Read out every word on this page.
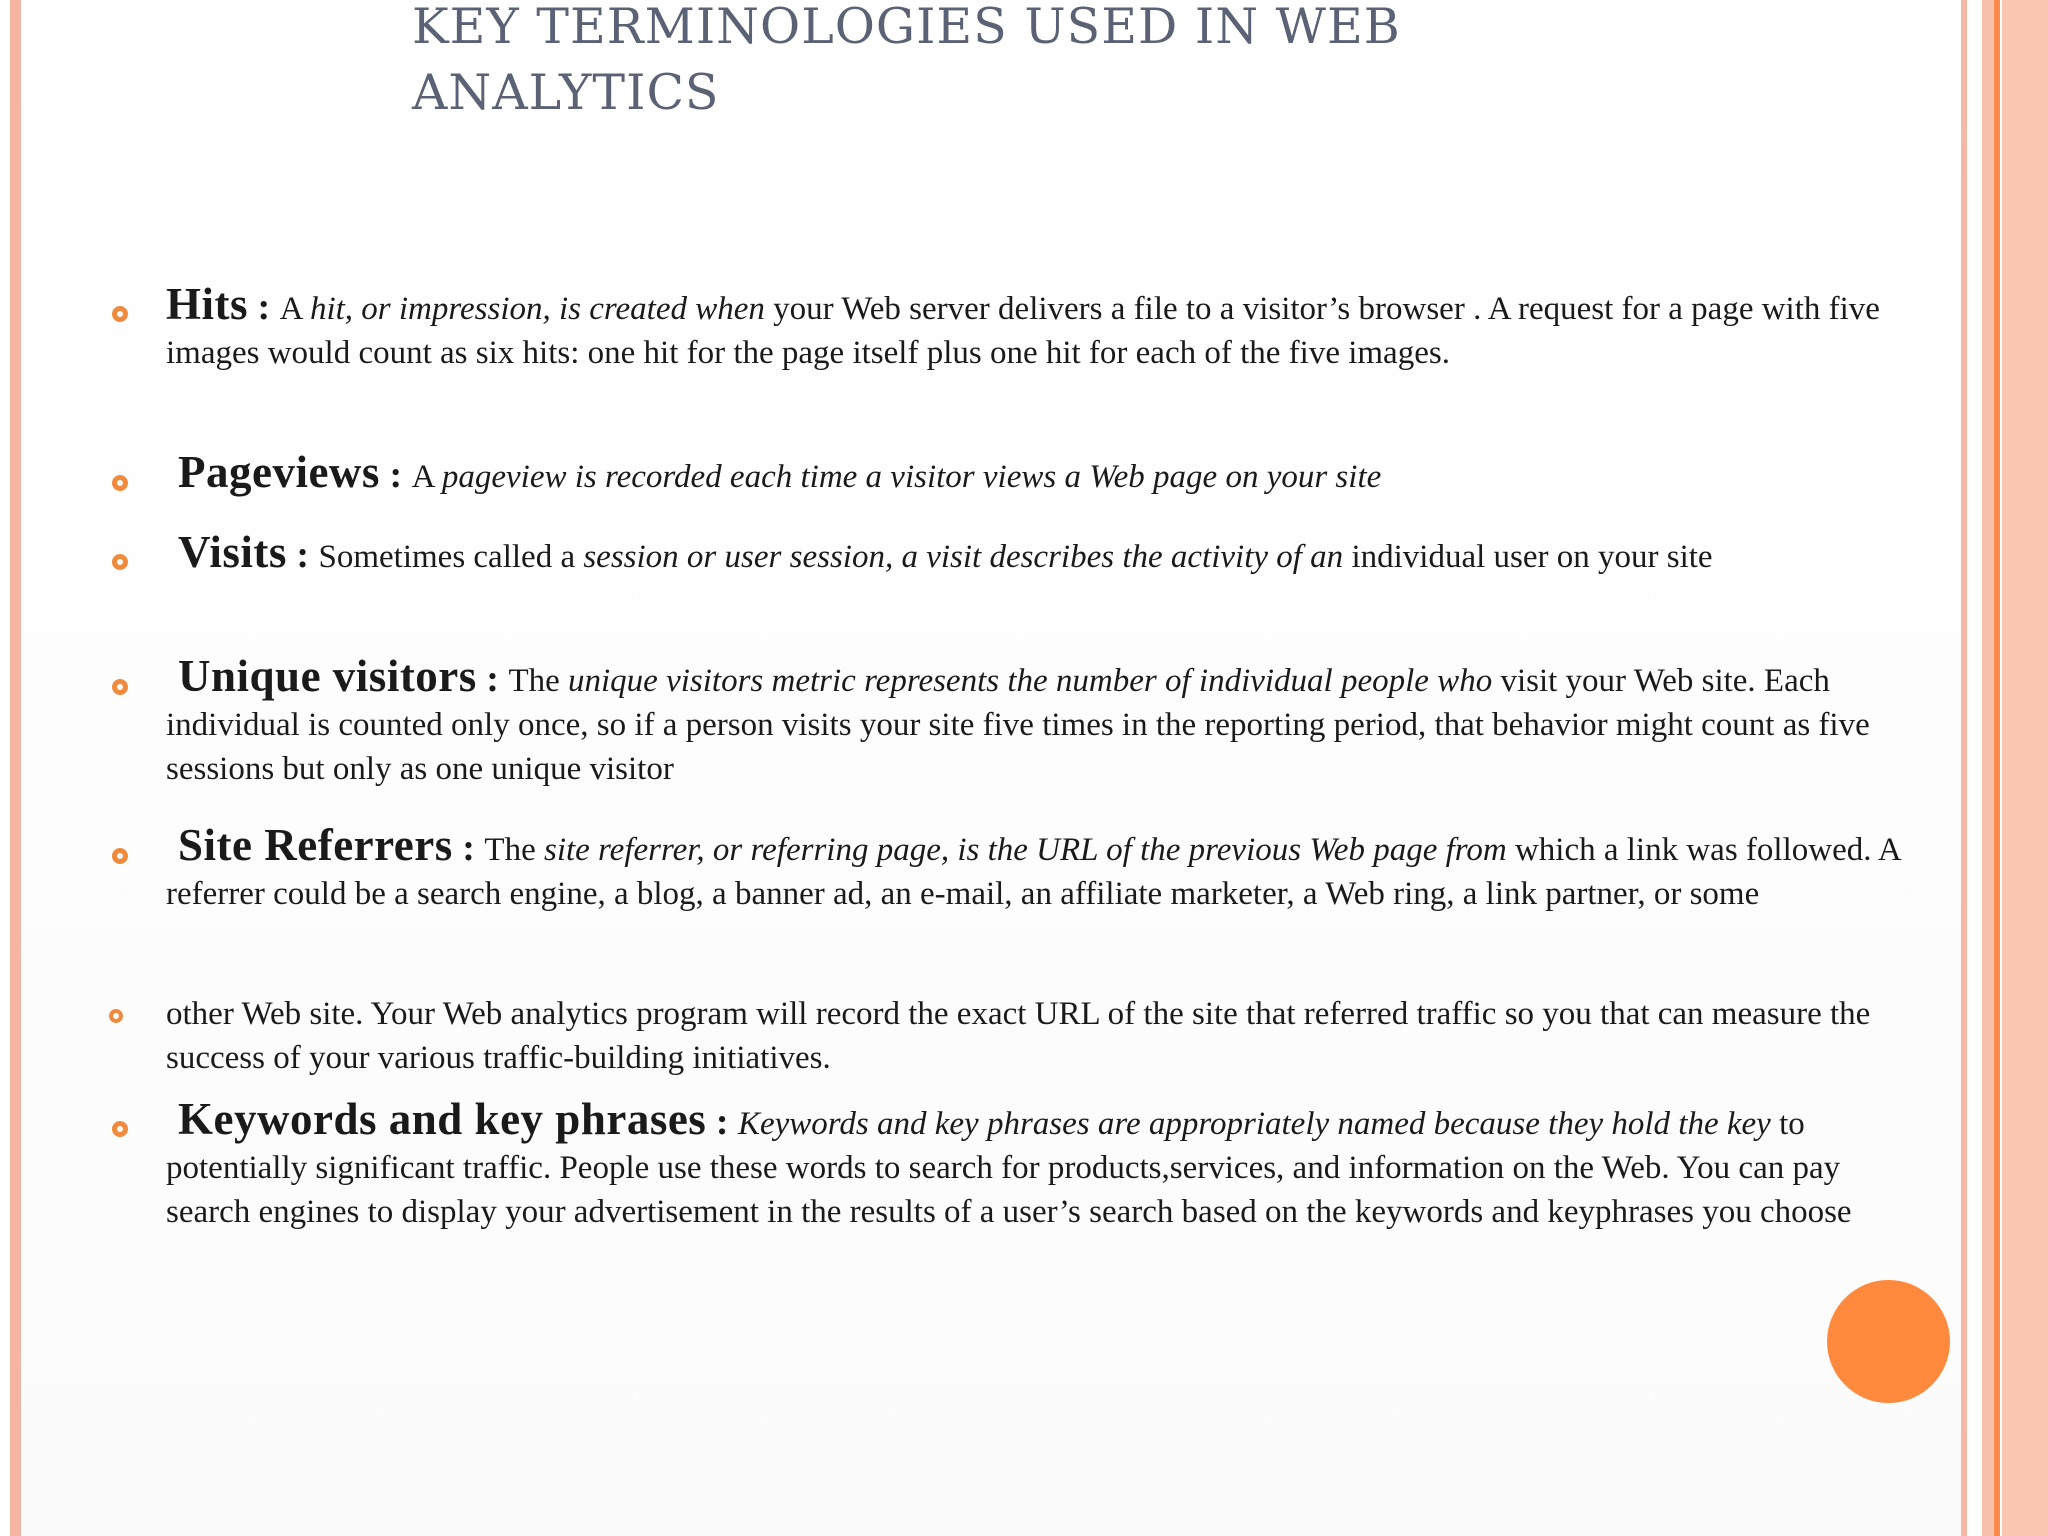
KEY TERMINOLOGIES USED IN WEB ANALYTICS

Hits : A hit, or impression, is created when your Web server delivers a file to a visitor’s browser . A request for a page with five images would count as six hits: one hit for the page itself plus one hit for each of the five images.

Pageviews : A pageview is recorded each time a visitor views a Web page on your site

Visits : Sometimes called a session or user session, a visit describes the activity of an individual user on your site

Unique visitors : The unique visitors metric represents the number of individual people who visit your Web site. Each individual is counted only once, so if a person visits your site five times in the reporting period, that behavior might count as five sessions but only as one unique visitor

Site Referrers : The site referrer, or referring page, is the URL of the previous Web page from which a link was followed. A referrer could be a search engine, a blog, a banner ad, an e-mail, an affiliate marketer, a Web ring, a link partner, or some

other Web site. Your Web analytics program will record the exact URL of the site that referred traffic so you that can measure the success of your various traffic-building initiatives.

Keywords and key phrases : Keywords and key phrases are appropriately named because they hold the key to potentially significant traffic. People use these words to search for products,services, and information on the Web. You can pay search engines to display your advertisement in the results of a user’s search based on the keywords and keyphrases you choose
